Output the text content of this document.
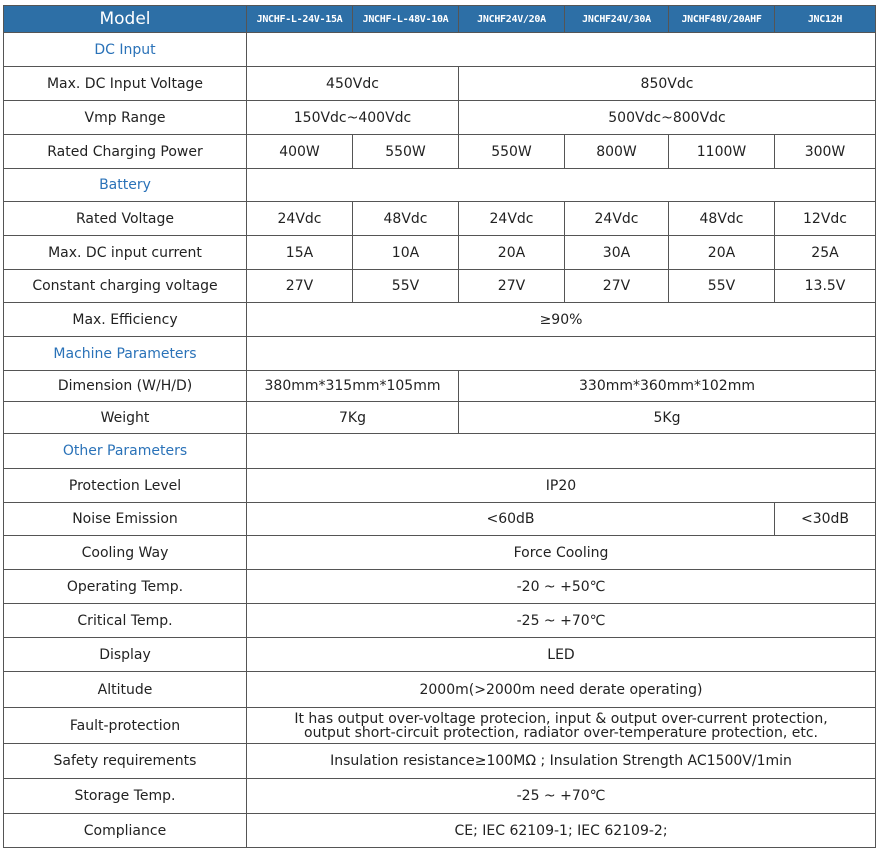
Model	JNCHF-L-24V-15A	JNCHF-L-48V-10A	JNCHF24V/20A	JNCHF24V/30A	JNCHF48V/20AHF	JNC12H
DC Input						
Max. DC Input Voltage	450Vdc		850Vdc			
Vmp Range	150Vdc~400Vdc		500Vdc~800Vdc			
Rated Charging Power	400W	550W	550W	800W	1100W	300W
Battery						
Rated Voltage	24Vdc	48Vdc	24Vdc	24Vdc	48Vdc	12Vdc
Max. DC input current	15A	10A	20A	30A	20A	25A
Constant charging voltage	27V	55V	27V	27V	55V	13.5V
Max. Efficiency	≥90%					
Machine Parameters						
Dimension (W/H/D)	380mm*315mm*105mm		330mm*360mm*102mm			
Weight	7Kg		5Kg			
Other Parameters						
Protection Level	IP20					
Noise Emission	<60dB					<30dB
Cooling Way	Force Cooling					
Operating Temp.	-20 ~ +50℃					
Critical Temp.	-25 ~ +70℃					
Display	LED					
Altitude	2000m(>2000m need derate operating)					
Fault-protection	It has output over-voltage protecion, input & output over-current protection,
output short-circuit protection, radiator over-temperature protection, etc.					

Safety requirements	Insulation resistance≥100MΩ ; Insulation Strength AC1500V/1min					
Storage Temp.	-25 ~ +70℃					
Compliance	CE; IEC 62109-1; IEC 62109-2;					
